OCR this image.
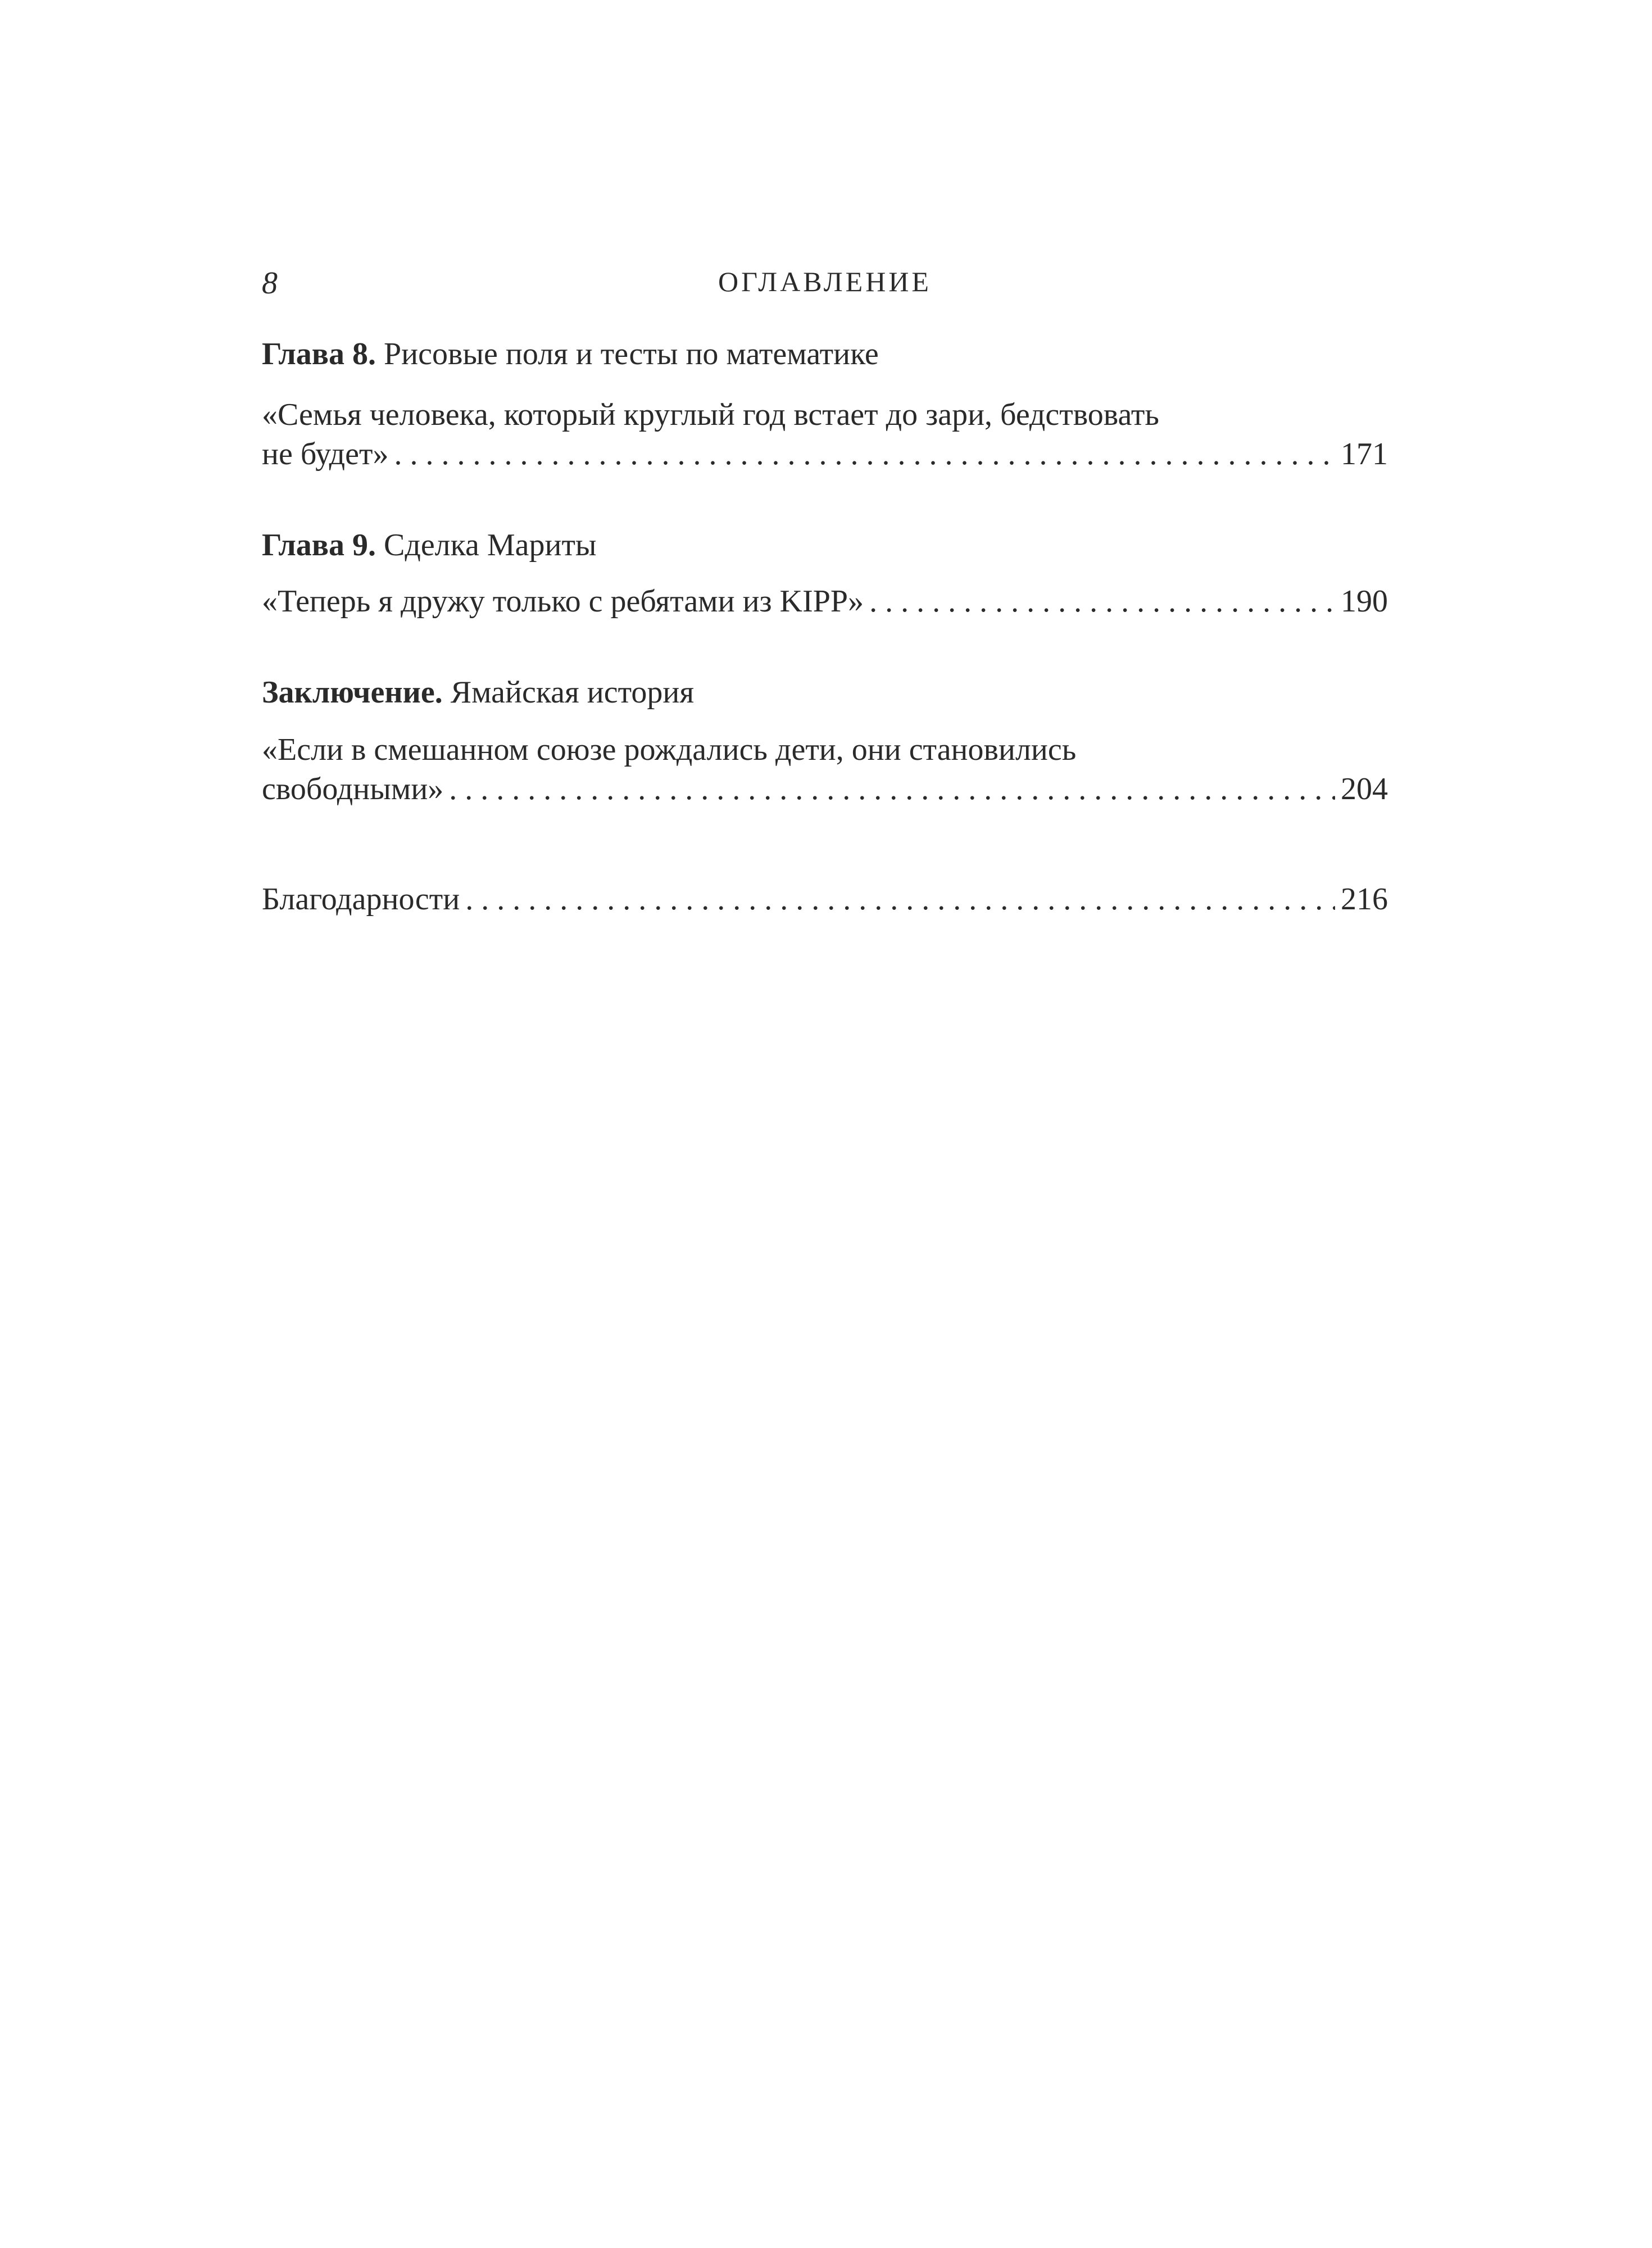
8	ОГЛАВЛЕНИЕ
Глава 8. Рисовые поля и тесты по математике
«Семья человека, который круглый год встает до зари, бедствовать
не будет» . . .	171
Глава 9. Сделка Мариты
«Теперь я дружу только с ребятами из KIPP» . . .	190
Заключение. Ямайская история
«Если в смешанном союзе рождались дети, они становились
свободными» . . .	204
Благодарности . . .	216
